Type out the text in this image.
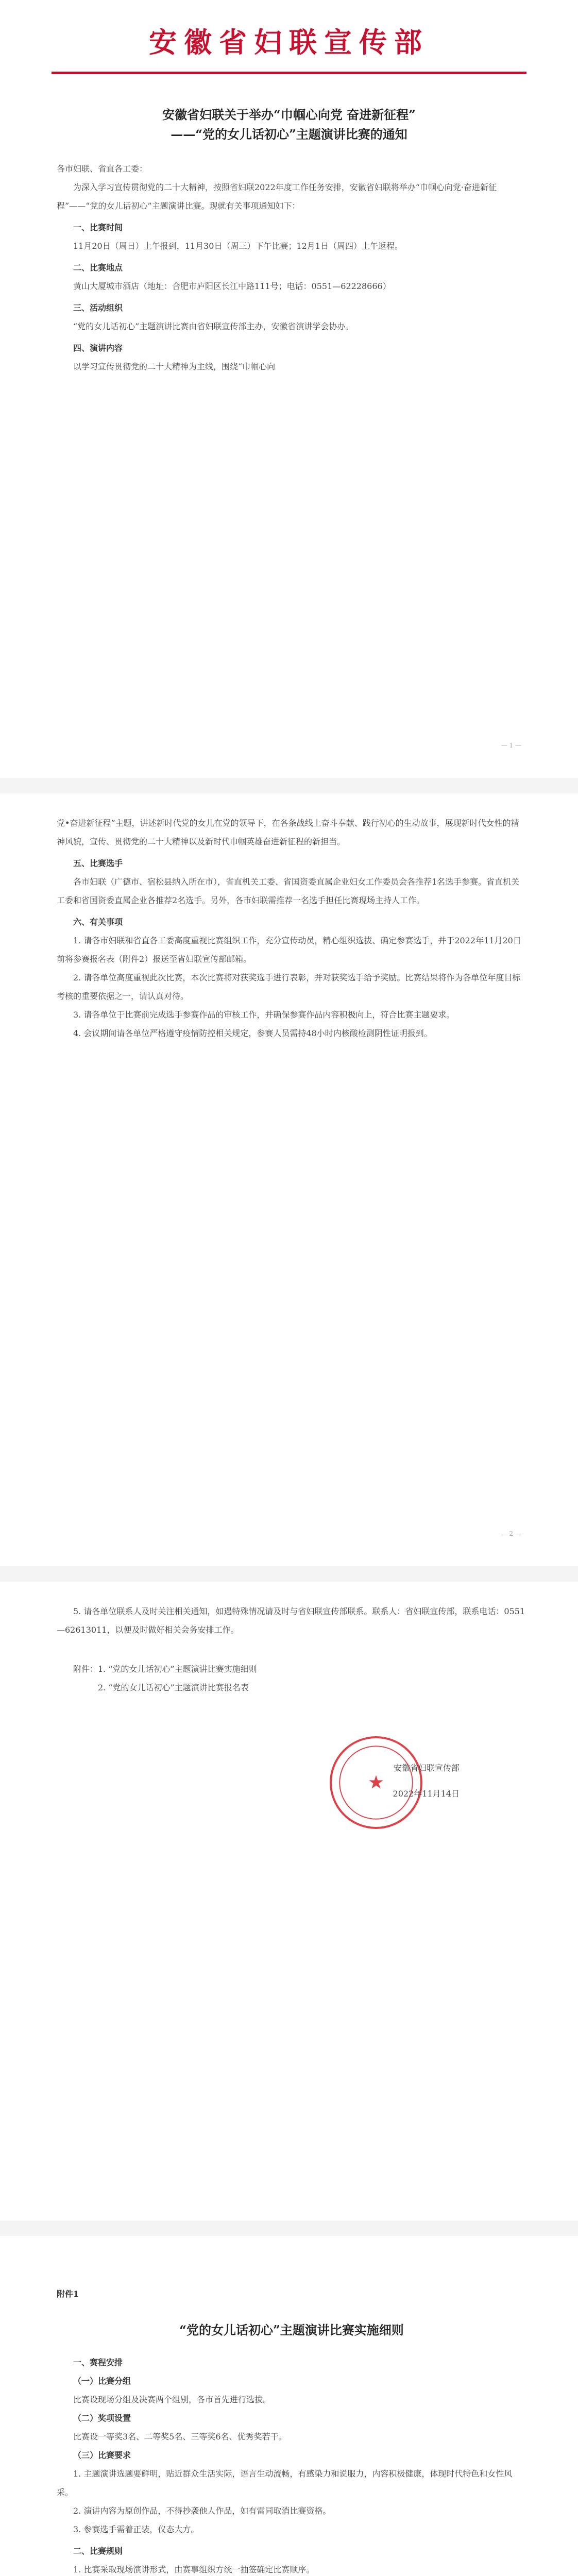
安徽省妇联宣传部
安徽省妇联关于举办“巾帼心向党 奋进新征程”
——“党的女儿话初心”主题演讲比赛的通知

各市妇联、省直各工委：

为深入学习宣传贯彻党的二十大精神，按照省妇联2022年度工作任务安排，安徽省妇联将举办“巾帼心向党·奋进新征程”——“党的女儿话初心”主题演讲比赛。现就有关事项通知如下：

一、比赛时间

11月20日（周日）上午报到，11月30日（周三）下午比赛；12月1日（周四）上午返程。

二、比赛地点

黄山大厦城市酒店（地址：合肥市庐阳区长江中路111号；电话：0551—62228666）

三、活动组织

“党的女儿话初心”主题演讲比赛由省妇联宣传部主办，安徽省演讲学会协办。

四、演讲内容

以学习宣传贯彻党的二十大精神为主线，围绕“巾帼心向

— 1 —

党•奋进新征程”主题，讲述新时代党的女儿在党的领导下，在各条战线上奋斗奉献、践行初心的生动故事，展现新时代女性的精神风貌，宣传、贯彻党的二十大精神以及新时代巾帼英雄奋进新征程的新担当。

五、比赛选手

各市妇联（广德市、宿松县纳入所在市），省直机关工委、省国资委直属企业妇女工作委员会各推荐1名选手参赛。省直机关工委和省国资委直属企业各推荐2名选手。另外，各市妇联需推荐一名选手担任比赛现场主持人工作。

六、有关事项

1. 请各市妇联和省直各工委高度重视比赛组织工作，充分宣传动员，精心组织选拔、确定参赛选手，并于2022年11月20日前将参赛报名表（附件2）报送至省妇联宣传部邮箱。

2. 请各单位高度重视此次比赛，本次比赛将对获奖选手进行表彰，并对获奖选手给予奖励。比赛结果将作为各单位年度目标考核的重要依据之一，请认真对待。

3. 请各单位于比赛前完成选手参赛作品的审核工作，并确保参赛作品内容积极向上，符合比赛主题要求。

4. 会议期间请各单位严格遵守疫情防控相关规定，参赛人员需持48小时内核酸检测阴性证明报到。

— 2 —

5. 请各单位联系人及时关注相关通知，如遇特殊情况请及时与省妇联宣传部联系。联系人：省妇联宣传部，联系电话：0551—62613011，以便及时做好相关会务安排工作。

附件：1. “党的女儿话初心”主题演讲比赛实施细则

2. “党的女儿话初心”主题演讲比赛报名表

★
安徽省妇联宣传部
2022年11月14日
附件1
“党的女儿话初心”主题演讲比赛实施细则

一、赛程安排

（一）比赛分组

比赛设现场分组及决赛两个组别，各市首先进行选拔。

（二）奖项设置

比赛设一等奖3名、二等奖5名、三等奖6名、优秀奖若干。

（三）比赛要求

1. 主题演讲选题要鲜明，贴近群众生活实际，语言生动流畅，有感染力和说服力，内容积极健康，体现时代特色和女性风采。

2. 演讲内容为原创作品，不得抄袭他人作品，如有雷同取消比赛资格。

3. 参赛选手需着正装，仪态大方。

二、比赛规则

1. 比赛采取现场演讲形式，由赛事组织方统一抽签确定比赛顺序。
